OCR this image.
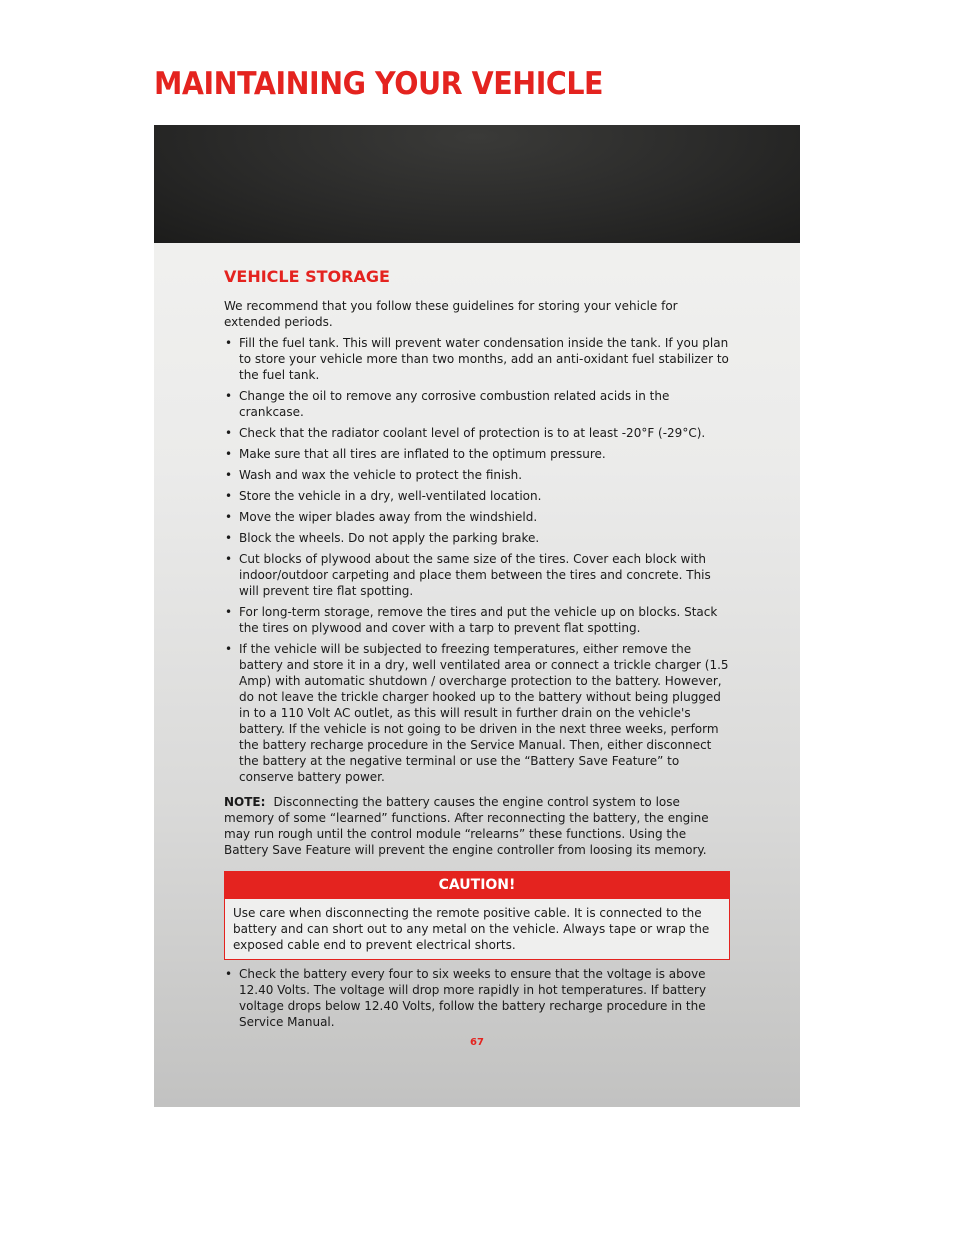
MAINTAINING YOUR VEHICLE
VEHICLE STORAGE

We recommend that you follow these guidelines for storing your vehicle for extended periods.

• Fill the fuel tank. This will prevent water condensation inside the tank. If you plan to store your vehicle more than two months, add an anti-oxidant fuel stabilizer to the fuel tank.
• Change the oil to remove any corrosive combustion related acids in the crankcase.
• Check that the radiator coolant level of protection is to at least -20°F (-29°C).
• Make sure that all tires are inflated to the optimum pressure.
• Wash and wax the vehicle to protect the finish.
• Store the vehicle in a dry, well-ventilated location.
• Move the wiper blades away from the windshield.
• Block the wheels. Do not apply the parking brake.
• Cut blocks of plywood about the same size of the tires. Cover each block with indoor/outdoor carpeting and place them between the tires and concrete. This will prevent tire flat spotting.
• For long-term storage, remove the tires and put the vehicle up on blocks. Stack the tires on plywood and cover with a tarp to prevent flat spotting.
• If the vehicle will be subjected to freezing temperatures, either remove the battery and store it in a dry, well ventilated area or connect a trickle charger (1.5 Amp) with automatic shutdown / overcharge protection to the battery. However, do not leave the trickle charger hooked up to the battery without being plugged in to a 110 Volt AC outlet, as this will result in further drain on the vehicle's battery. If the vehicle is not going to be driven in the next three weeks, perform the battery recharge procedure in the Service Manual. Then, either disconnect the battery at the negative terminal or use the “Battery Save Feature” to conserve battery power.

NOTE: Disconnecting the battery causes the engine control system to lose memory of some “learned” functions. After reconnecting the battery, the engine may run rough until the control module “relearns” these functions. Using the Battery Save Feature will prevent the engine controller from loosing its memory.

CAUTION!
Use care when disconnecting the remote positive cable. It is connected to the battery and can short out to any metal on the vehicle. Always tape or wrap the exposed cable end to prevent electrical shorts.
• Check the battery every four to six weeks to ensure that the voltage is above 12.40 Volts. The voltage will drop more rapidly in hot temperatures. If battery voltage drops below 12.40 Volts, follow the battery recharge procedure in the Service Manual.
67
